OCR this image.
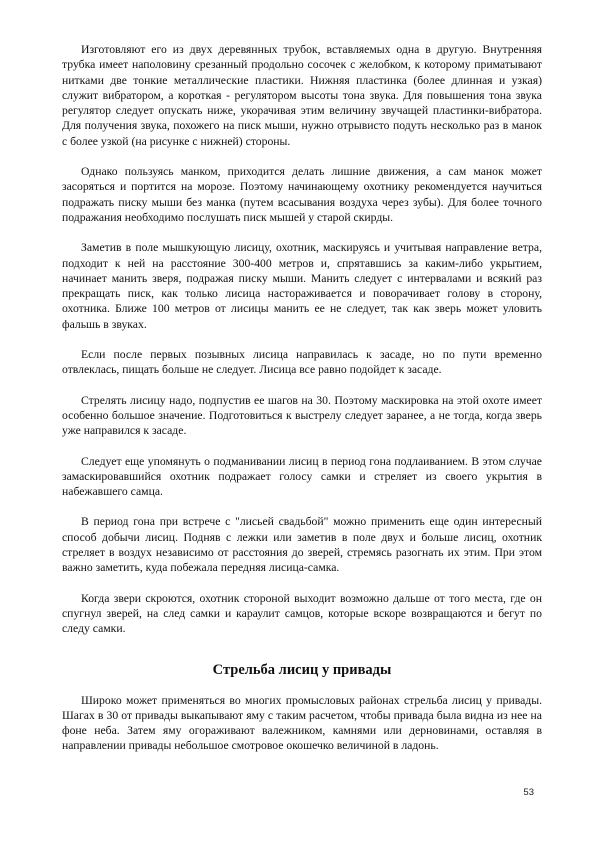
Изготовляют его из двух деревянных трубок, вставляемых одна в другую. Внутренняя трубка имеет наполовину срезанный продольно сосочек с желобком, к которому приматывают нитками две тонкие металлические пластики. Нижняя пластинка (более длинная и узкая) служит вибратором, а короткая - регулятором высоты тона звука. Для повышения тона звука регулятор следует опускать ниже, укорачивая этим величину звучащей пластинки-вибратора. Для получения звука, похожего на писк мыши, нужно отрывисто подуть несколько раз в манок с более узкой (на рисунке с нижней) стороны.

Однако пользуясь манком, приходится делать лишние движения, а сам манок может засоряться и портится на морозе. Поэтому начинающему охотнику рекомендуется научиться подражать писку мыши без манка (путем всасывания воздуха через зубы). Для более точного подражания необходимо послушать писк мышей у старой скирды.

Заметив в поле мышкующую лисицу, охотник, маскируясь и учитывая направление ветра, подходит к ней на расстояние 300-400 метров и, спрятавшись за каким-либо укрытием, начинает манить зверя, подражая писку мыши. Манить следует с интервалами и всякий раз прекращать писк, как только лисица настораживается и поворачивает голову в сторону, охотника. Ближе 100 метров от лисицы манить ее не следует, так как зверь может уловить фальшь в звуках.

Если после первых позывных лисица направилась к засаде, но по пути временно отвлеклась, пищать больше не следует. Лисица все равно подойдет к засаде.

Стрелять лисицу надо, подпустив ее шагов на 30. Поэтому маскировка на этой охоте имеет особенно большое значение. Подготовиться к выстрелу следует заранее, а не тогда, когда зверь уже направился к засаде.

Следует еще упомянуть о подманивании лисиц в период гона подлаиванием. В этом случае замаскировавшийся охотник подражает голосу самки и стреляет из своего укрытия в набежавшего самца.

В период гона при встрече с "лисьей свадьбой" можно применить еще один интересный способ добычи лисиц. Подняв с лежки или заметив в поле двух и больше лисиц, охотник стреляет в воздух независимо от расстояния до зверей, стремясь разогнать их этим. При этом важно заметить, куда побежала передняя лисица-самка.

Когда звери скроются, охотник стороной выходит возможно дальше от того места, где он спугнул зверей, на след самки и караулит самцов, которые вскоре возвращаются и бегут по следу самки.

Стрельба лисиц у привады

Широко может применяться во многих промысловых районах стрельба лисиц у привады. Шагах в 30 от привады выкапывают яму с таким расчетом, чтобы привада была видна из нее на фоне неба. Затем яму огораживают валежником, камнями или дерновинами, оставляя в направлении привады небольшое смотровое окошечко величиной в ладонь.

53
